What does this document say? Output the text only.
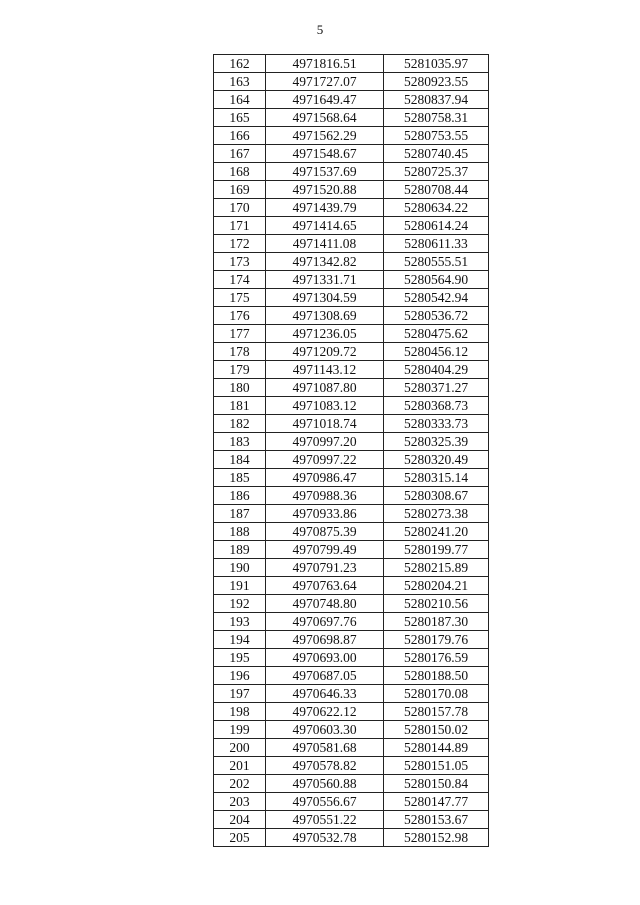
5
162	4971816.51	5281035.97
163	4971727.07	5280923.55
164	4971649.47	5280837.94
165	4971568.64	5280758.31
166	4971562.29	5280753.55
167	4971548.67	5280740.45
168	4971537.69	5280725.37
169	4971520.88	5280708.44
170	4971439.79	5280634.22
171	4971414.65	5280614.24
172	4971411.08	5280611.33
173	4971342.82	5280555.51
174	4971331.71	5280564.90
175	4971304.59	5280542.94
176	4971308.69	5280536.72
177	4971236.05	5280475.62
178	4971209.72	5280456.12
179	4971143.12	5280404.29
180	4971087.80	5280371.27
181	4971083.12	5280368.73
182	4971018.74	5280333.73
183	4970997.20	5280325.39
184	4970997.22	5280320.49
185	4970986.47	5280315.14
186	4970988.36	5280308.67
187	4970933.86	5280273.38
188	4970875.39	5280241.20
189	4970799.49	5280199.77
190	4970791.23	5280215.89
191	4970763.64	5280204.21
192	4970748.80	5280210.56
193	4970697.76	5280187.30
194	4970698.87	5280179.76
195	4970693.00	5280176.59
196	4970687.05	5280188.50
197	4970646.33	5280170.08
198	4970622.12	5280157.78
199	4970603.30	5280150.02
200	4970581.68	5280144.89
201	4970578.82	5280151.05
202	4970560.88	5280150.84
203	4970556.67	5280147.77
204	4970551.22	5280153.67
205	4970532.78	5280152.98
